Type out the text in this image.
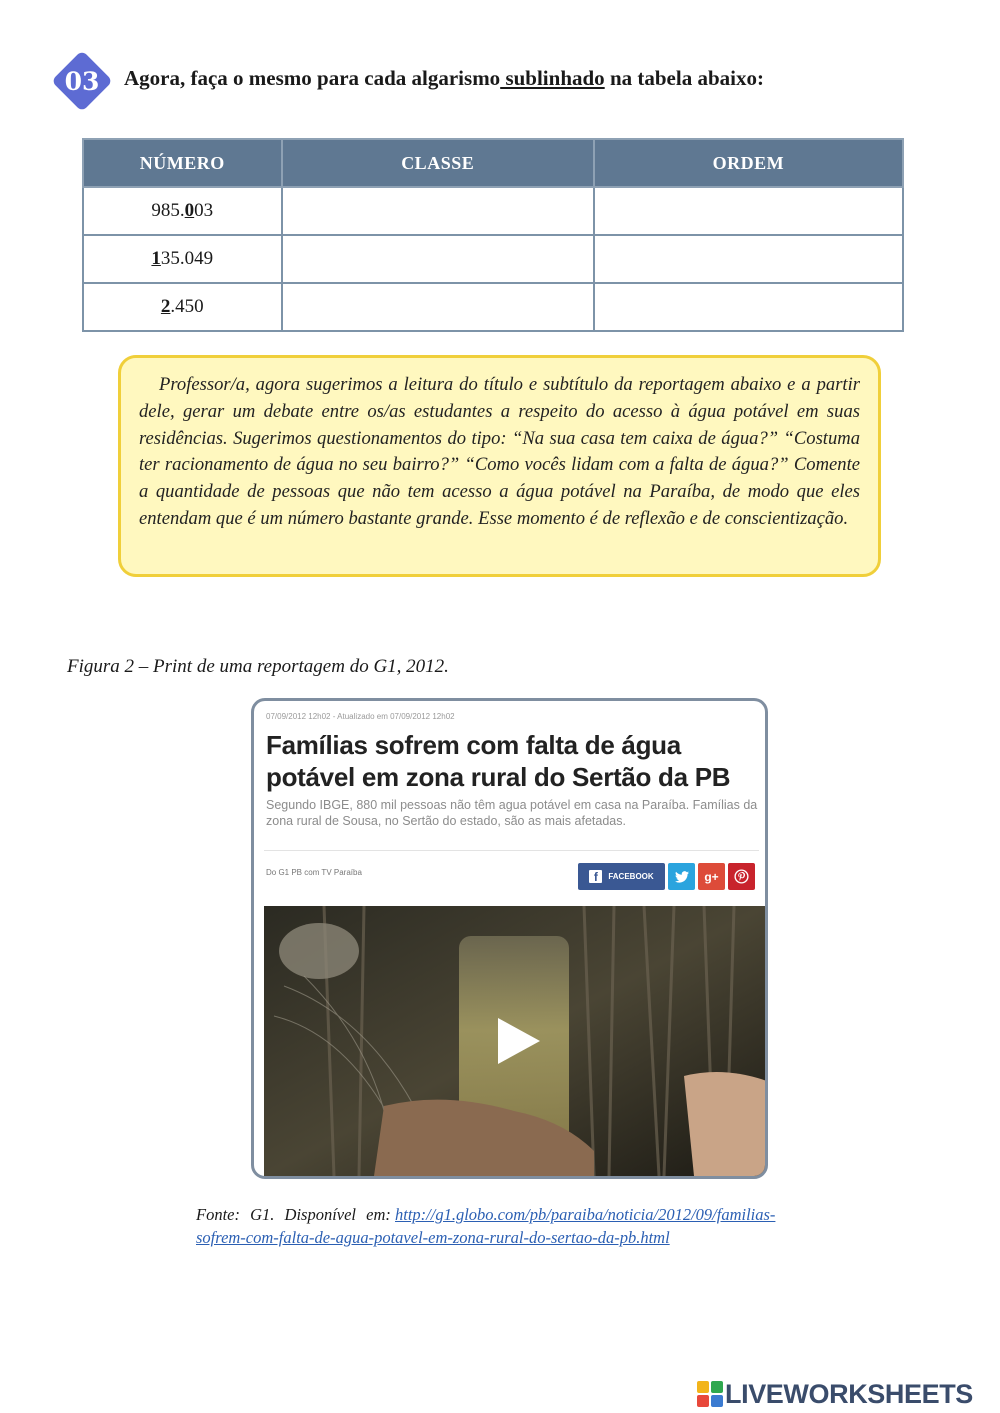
03	Agora, faça o mesmo para cada algarismo sublinhado na tabela abaixo:
NÚMERO	CLASSE	ORDEM
985.003		
135.049		
2.450		
Professor/a, agora sugerimos a leitura do título e subtítulo da reportagem abaixo e a partir dele, gerar um debate entre os/as estudantes a respeito do acesso à água potável em suas residências. Sugerimos questionamentos do tipo: “Na sua casa tem caixa de água?” “Costuma ter racionamento de água no seu bairro?” “Como vocês lidam com a falta de água?” Comente a quantidade de pessoas que não tem acesso a água potável na Paraíba, de modo que eles entendam que é um número bastante grande. Esse momento é de reflexão e de conscientização.
Figura 2 – Print de uma reportagem do G1, 2012.
07/09/2012 12h02 - Atualizado em 07/09/2012 12h02
Famílias sofrem com falta de água potável em zona rural do Sertão da PB
Segundo IBGE, 880 mil pessoas não têm agua potável em casa na Paraíba. Famílias da zona rural de Sousa, no Sertão do estado, são as mais afetadas.
Do G1 PB com TV Paraíba	f	FACEBOOK	g+
Fonte: G1. Disponível em: http://g1.globo.com/pb/paraiba/noticia/2012/09/familias-sofrem-com-falta-de-agua-potavel-em-zona-rural-do-sertao-da-pb.html
LIVEWORKSHEETS
